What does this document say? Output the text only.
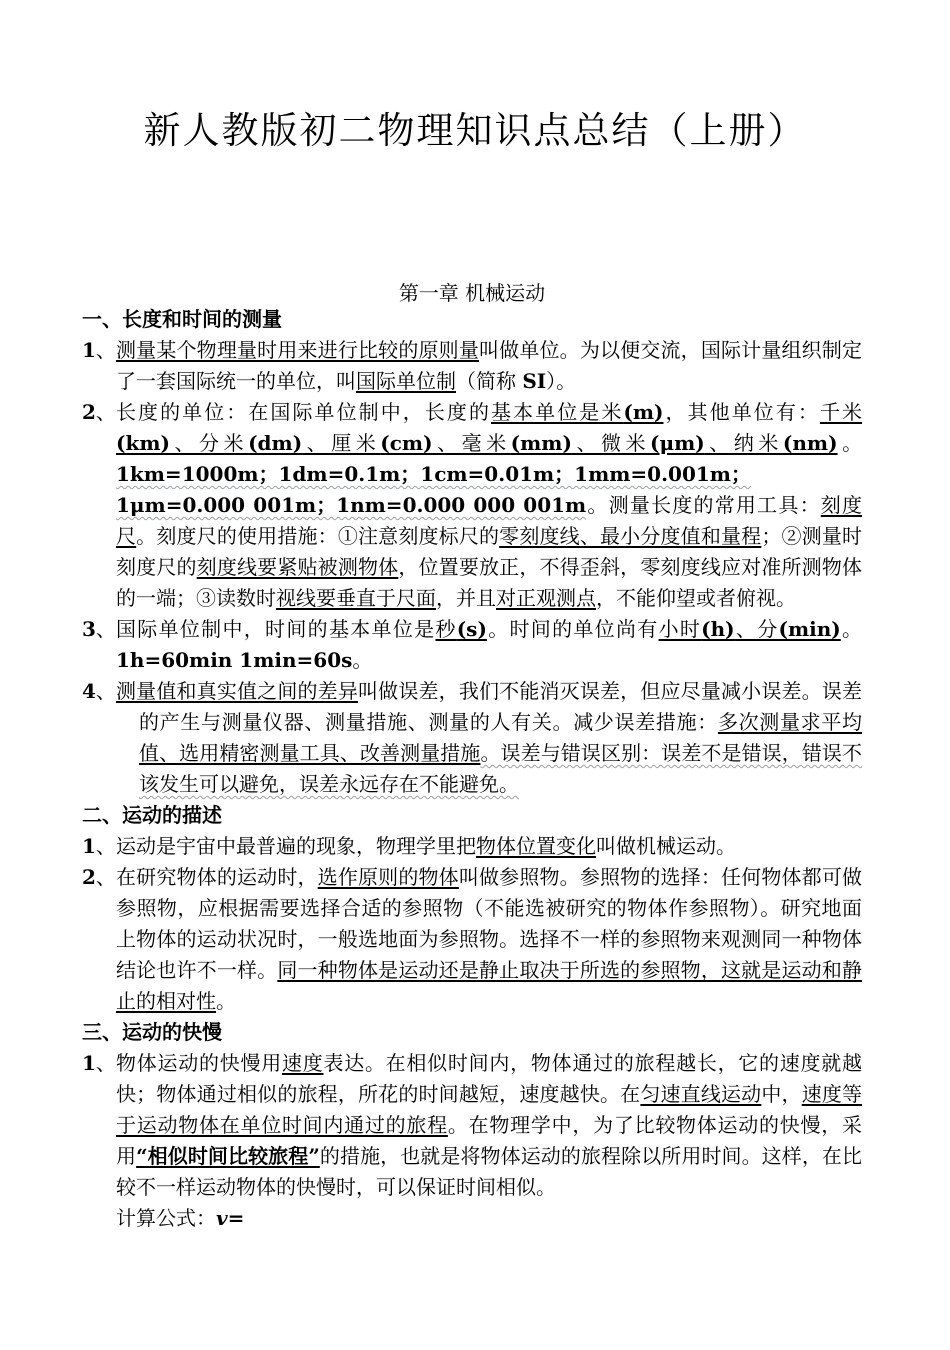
新人教版初二物理知识点总结（上册）
第一章 机械运动

一、长度和时间的测量

1、 测量某个物理量时用来进行比较的原则量叫做单位。为以便交流，国际计量组织制定了一套国际统一的单位，叫国际单位制（简称 SI）。
2、 长度的单位：在国际单位制中，长度的基本单位是米(m)，其他单位有：千米(km)、分米(dm)、厘米(cm)、毫米(mm)、微米(μm)、纳米(nm)。1km=1000m；1dm=0.1m；1cm=0.01m；1mm=0.001m；1μm=0.000 001m；1nm=0.000 000 001m。测量长度的常用工具：刻度尺。刻度尺的使用措施：①注意刻度标尺的零刻度线、最小分度值和量程；②测量时刻度尺的刻度线要紧贴被测物体，位置要放正，不得歪斜，零刻度线应对准所测物体的一端；③读数时视线要垂直于尺面，并且对正观测点，不能仰望或者俯视。
3、 国际单位制中，时间的基本单位是秒(s)。时间的单位尚有小时(h)、分(min)。1h=60min 1min=60s。
4、 测量值和真实值之间的差异叫做误差，我们不能消灭误差，但应尽量减小误差。误差的产生与测量仪器、测量措施、测量的人有关。减少误差措施：多次测量求平均值、选用精密测量工具、改善测量措施。误差与错误区别：误差不是错误，错误不该发生可以避免，误差永远存在不能避免。

二、运动的描述

1、 运动是宇宙中最普遍的现象，物理学里把物体位置变化叫做机械运动。
2、 在研究物体的运动时，选作原则的物体叫做参照物。参照物的选择：任何物体都可做参照物，应根据需要选择合适的参照物（不能选被研究的物体作参照物）。研究地面上物体的运动状况时，一般选地面为参照物。选择不一样的参照物来观测同一种物体结论也许不一样。同一种物体是运动还是静止取决于所选的参照物，这就是运动和静止的相对性。

三、运动的快慢

1、 物体运动的快慢用速度表达。在相似时间内，物体通过的旅程越长，它的速度就越快；物体通过相似的旅程，所花的时间越短，速度越快。在匀速直线运动中，速度等于运动物体在单位时间内通过的旅程。在物理学中，为了比较物体运动的快慢，采用“相似时间比较旅程”的措施，也就是将物体运动的旅程除以所用时间。这样，在比较不一样运动物体的快慢时，可以保证时间相似。

计算公式：v=
